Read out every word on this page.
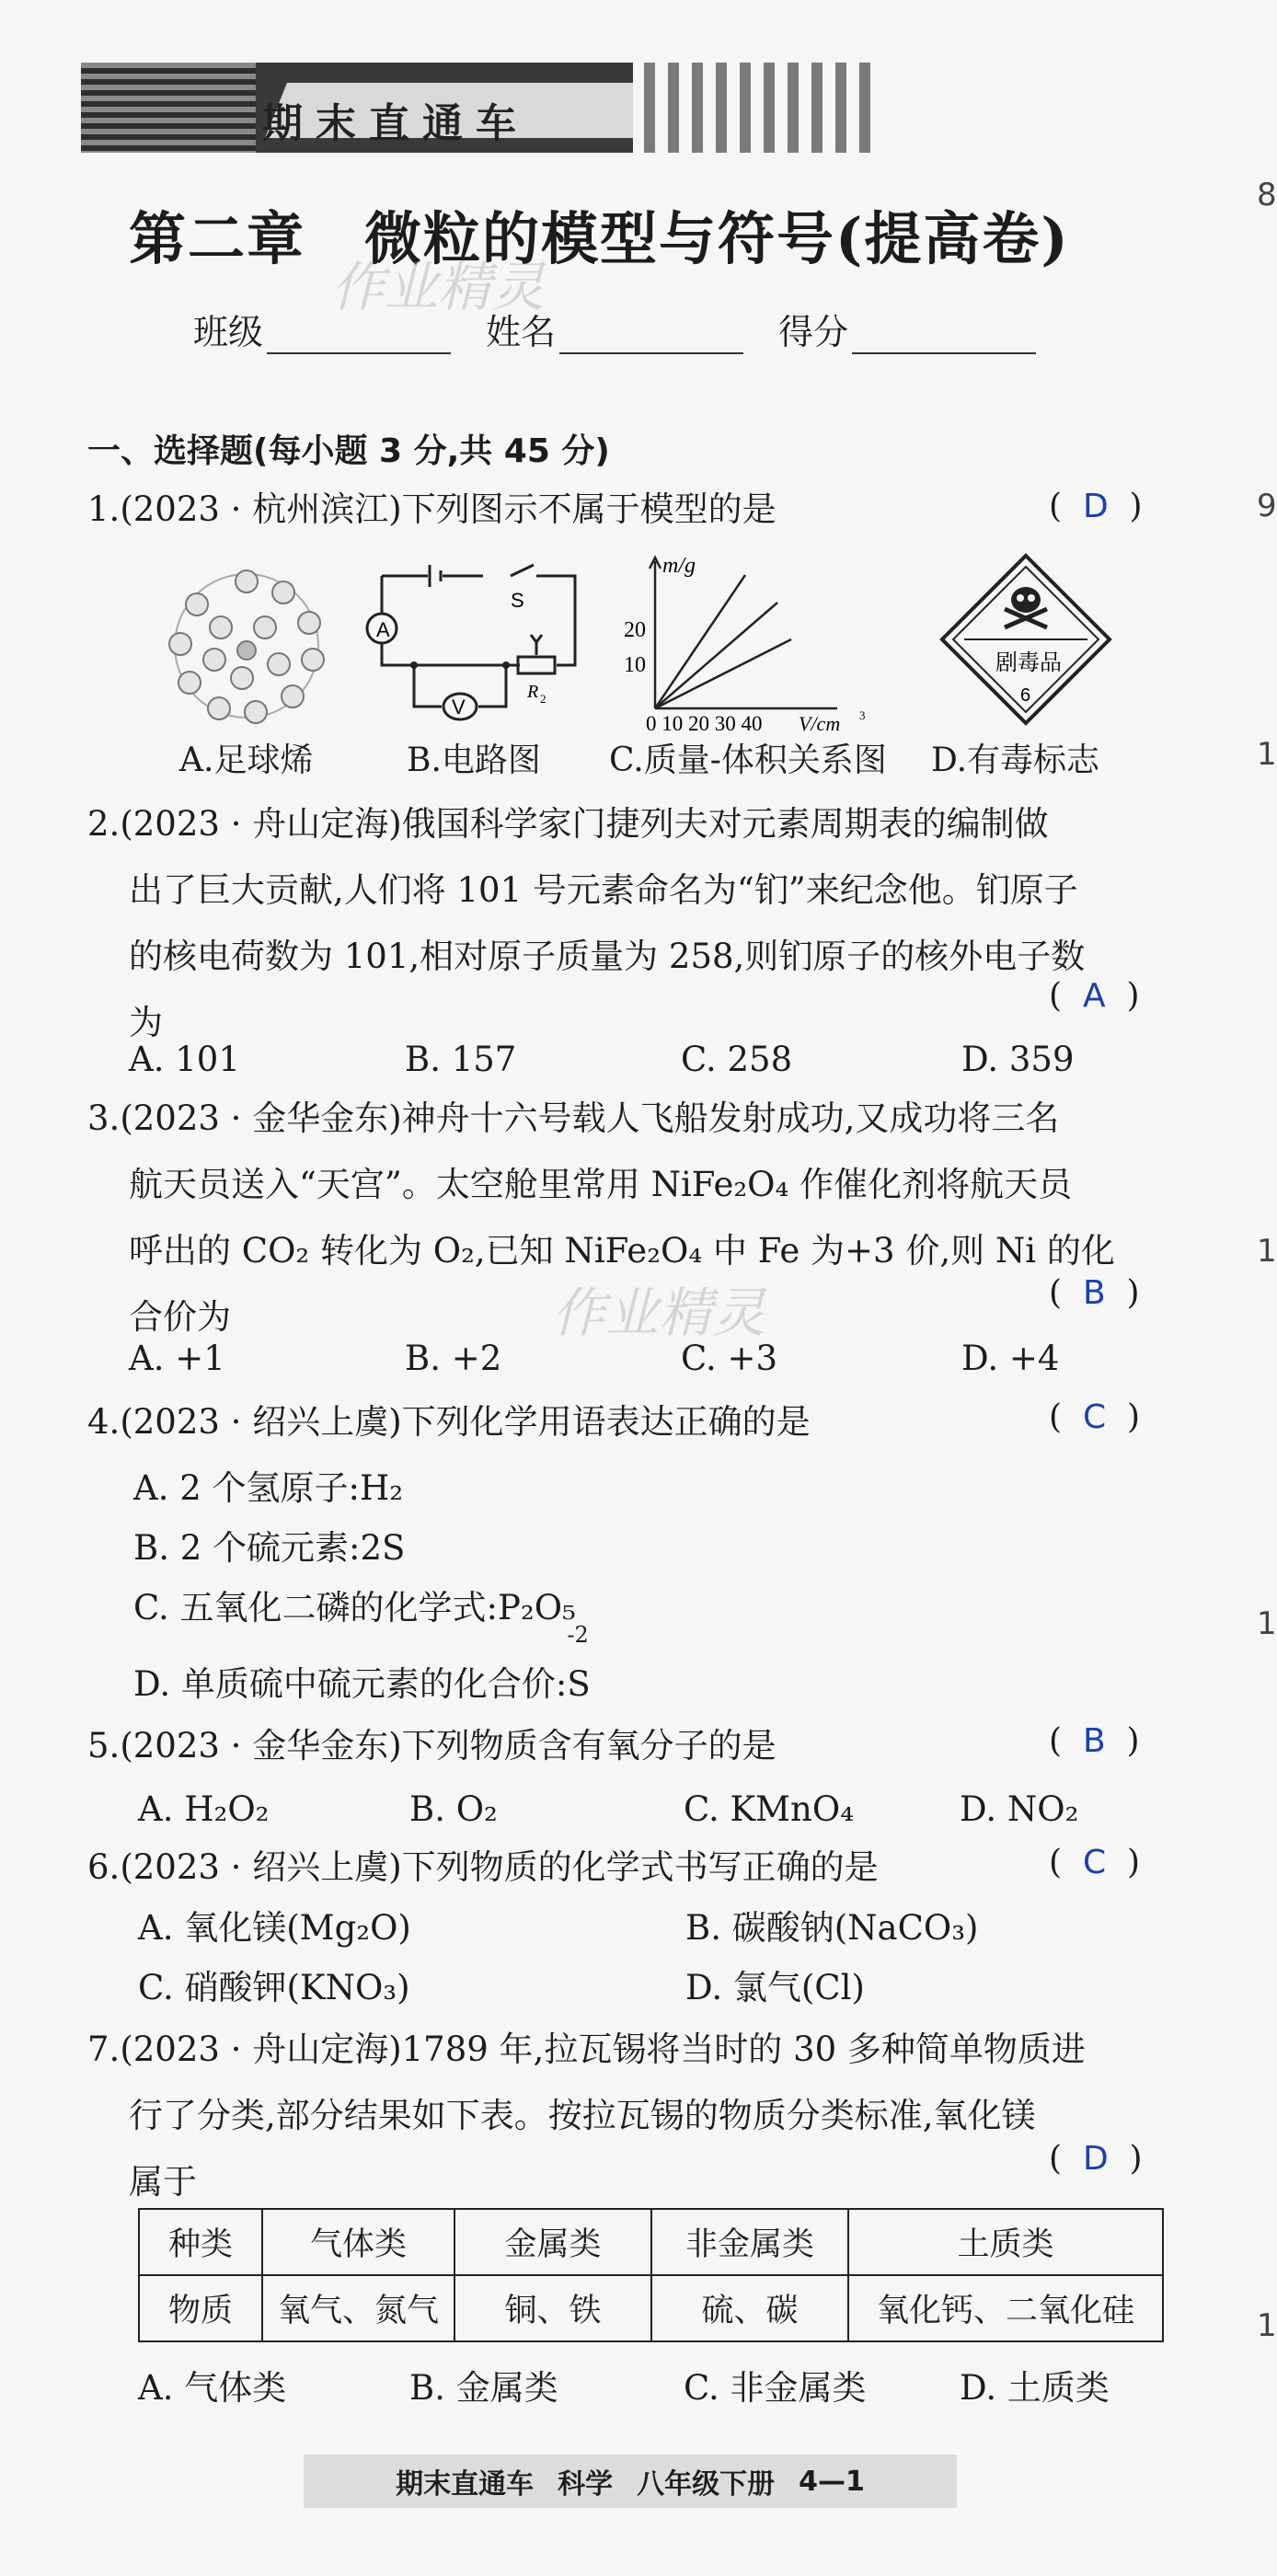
期末直通车
第二章　微粒的模型与符号(提高卷)
作业精灵
班级	姓名	得分
一、选择题(每小题 3 分,共 45 分)
1.(2023 · 杭州滨江)下列图示不属于模型的是	(  D  )
A
V
S
R 2
m/g
20
10
0 10 20 30 40 V/cm 3
剧毒品
6
A.足球烯	B.电路图 C.质量-体积关系图 D.有毒标志
2.(2023 · 舟山定海)俄国科学家门捷列夫对元素周期表的编制做
出了巨大贡献,人们将 101 号元素命名为“钔”来纪念他。钔原子
的核电荷数为 101,相对原子质量为 258,则钔原子的核外电子数
为
(  A  )
A. 101	B. 157	C. 258	D. 359
3.(2023 · 金华金东)神舟十六号载人飞船发射成功,又成功将三名
航天员送入“天宫”。太空舱里常用 NiFe₂O₄ 作催化剂将航天员
呼出的 CO₂ 转化为 O₂,已知 NiFe₂O₄ 中 Fe 为+3 价,则 Ni 的化
合价为	作业精灵	(  B  )
A. +1	B. +2	C. +3	D. +4
4.(2023 · 绍兴上虞)下列化学用语表达正确的是	(  C  )
A. 2 个氢原子:H₂
B. 2 个硫元素:2S
C. 五氧化二磷的化学式:P₂O₅
D. 单质硫中硫元素的化合价:
-2
S
5.(2023 · 金华金东)下列物质含有氧分子的是	(  B  )
A. H₂O₂	B. O₂	C. KMnO₄	D. NO₂
6.(2023 · 绍兴上虞)下列物质的化学式书写正确的是	(  C  )
A. 氧化镁(Mg₂O)	B. 碳酸钠(NaCO₃)
C. 硝酸钾(KNO₃)	D. 氯气(Cl)
7.(2023 · 舟山定海)1789 年,拉瓦锡将当时的 30 多种简单物质进
行了分类,部分结果如下表。按拉瓦锡的物质分类标准,氧化镁
属于
(  D  )
种类	气体类	金属类	非金属类	土质类
物质	氧气、氮气	铜、铁	硫、碳	氧化钙、二氧化硅
A. 气体类	B. 金属类	C. 非金属类	D. 土质类
期末直通车 科学 八年级下册 4—1
8
9
1
1
1
1
